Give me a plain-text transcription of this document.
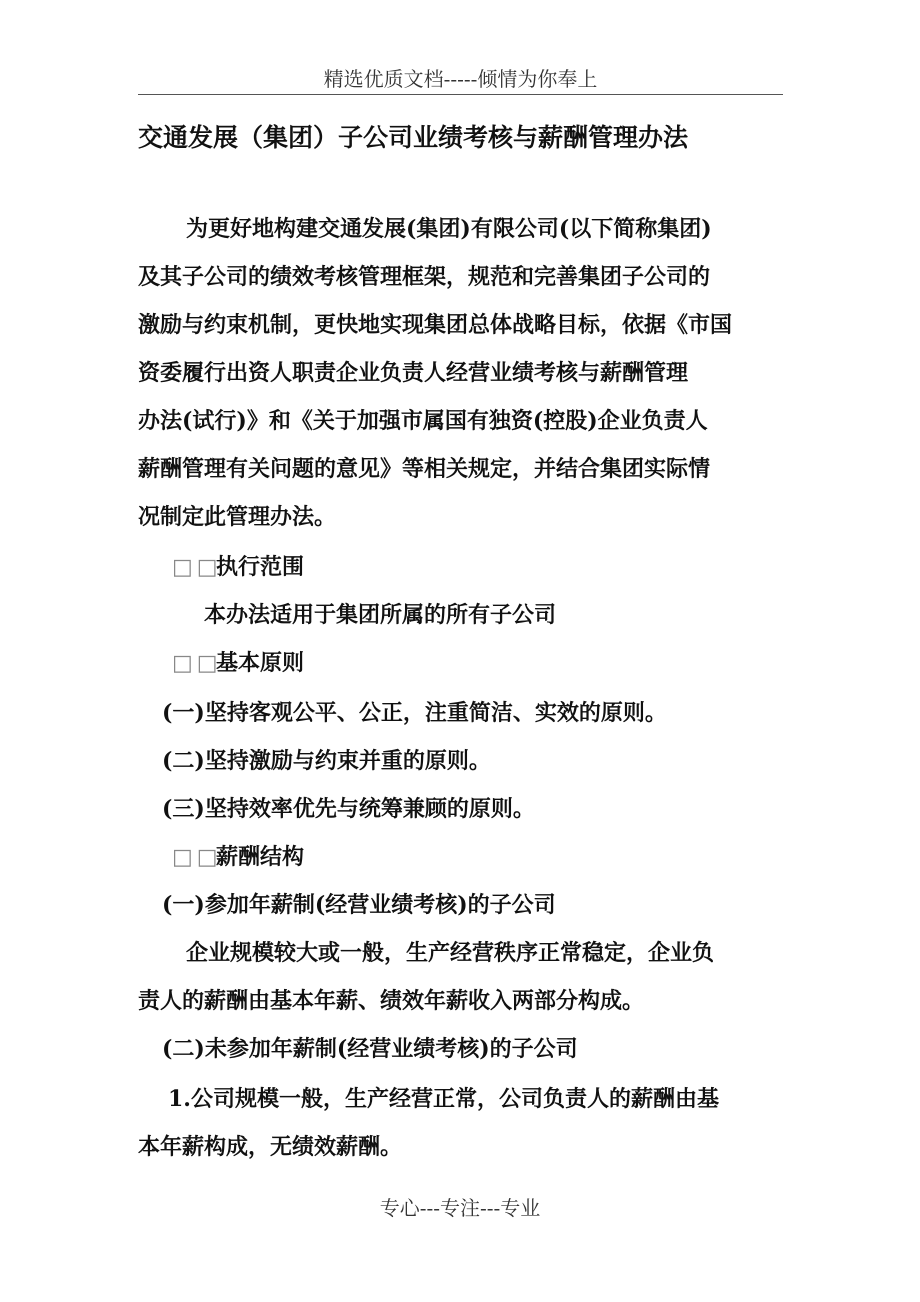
精选优质文档-----倾情为你奉上
交通发展（集团）子公司业绩考核与薪酬管理办法
为更好地构建交通发展(集团)有限公司(以下简称集团)
及其子公司的绩效考核管理框架，规范和完善集团子公司的
激励与约束机制，更快地实现集团总体战略目标，依据《市国
资委履行出资人职责企业负责人经营业绩考核与薪酬管理
办法(试行)》和《关于加强市属国有独资(控股)企业负责人
薪酬管理有关问题的意见》等相关规定，并结合集团实际情
况制定此管理办法。
□□执行范围
本办法适用于集团所属的所有子公司
□□基本原则
(一)坚持客观公平、公正，注重简洁、实效的原则。
(二)坚持激励与约束并重的原则。
(三)坚持效率优先与统筹兼顾的原则。
□□薪酬结构
(一)参加年薪制(经营业绩考核)的子公司
企业规模较大或一般，生产经营秩序正常稳定，企业负
责人的薪酬由基本年薪、绩效年薪收入两部分构成。
(二)未参加年薪制(经营业绩考核)的子公司
1.公司规模一般，生产经营正常，公司负责人的薪酬由基
本年薪构成，无绩效薪酬。
专心---专注---专业
